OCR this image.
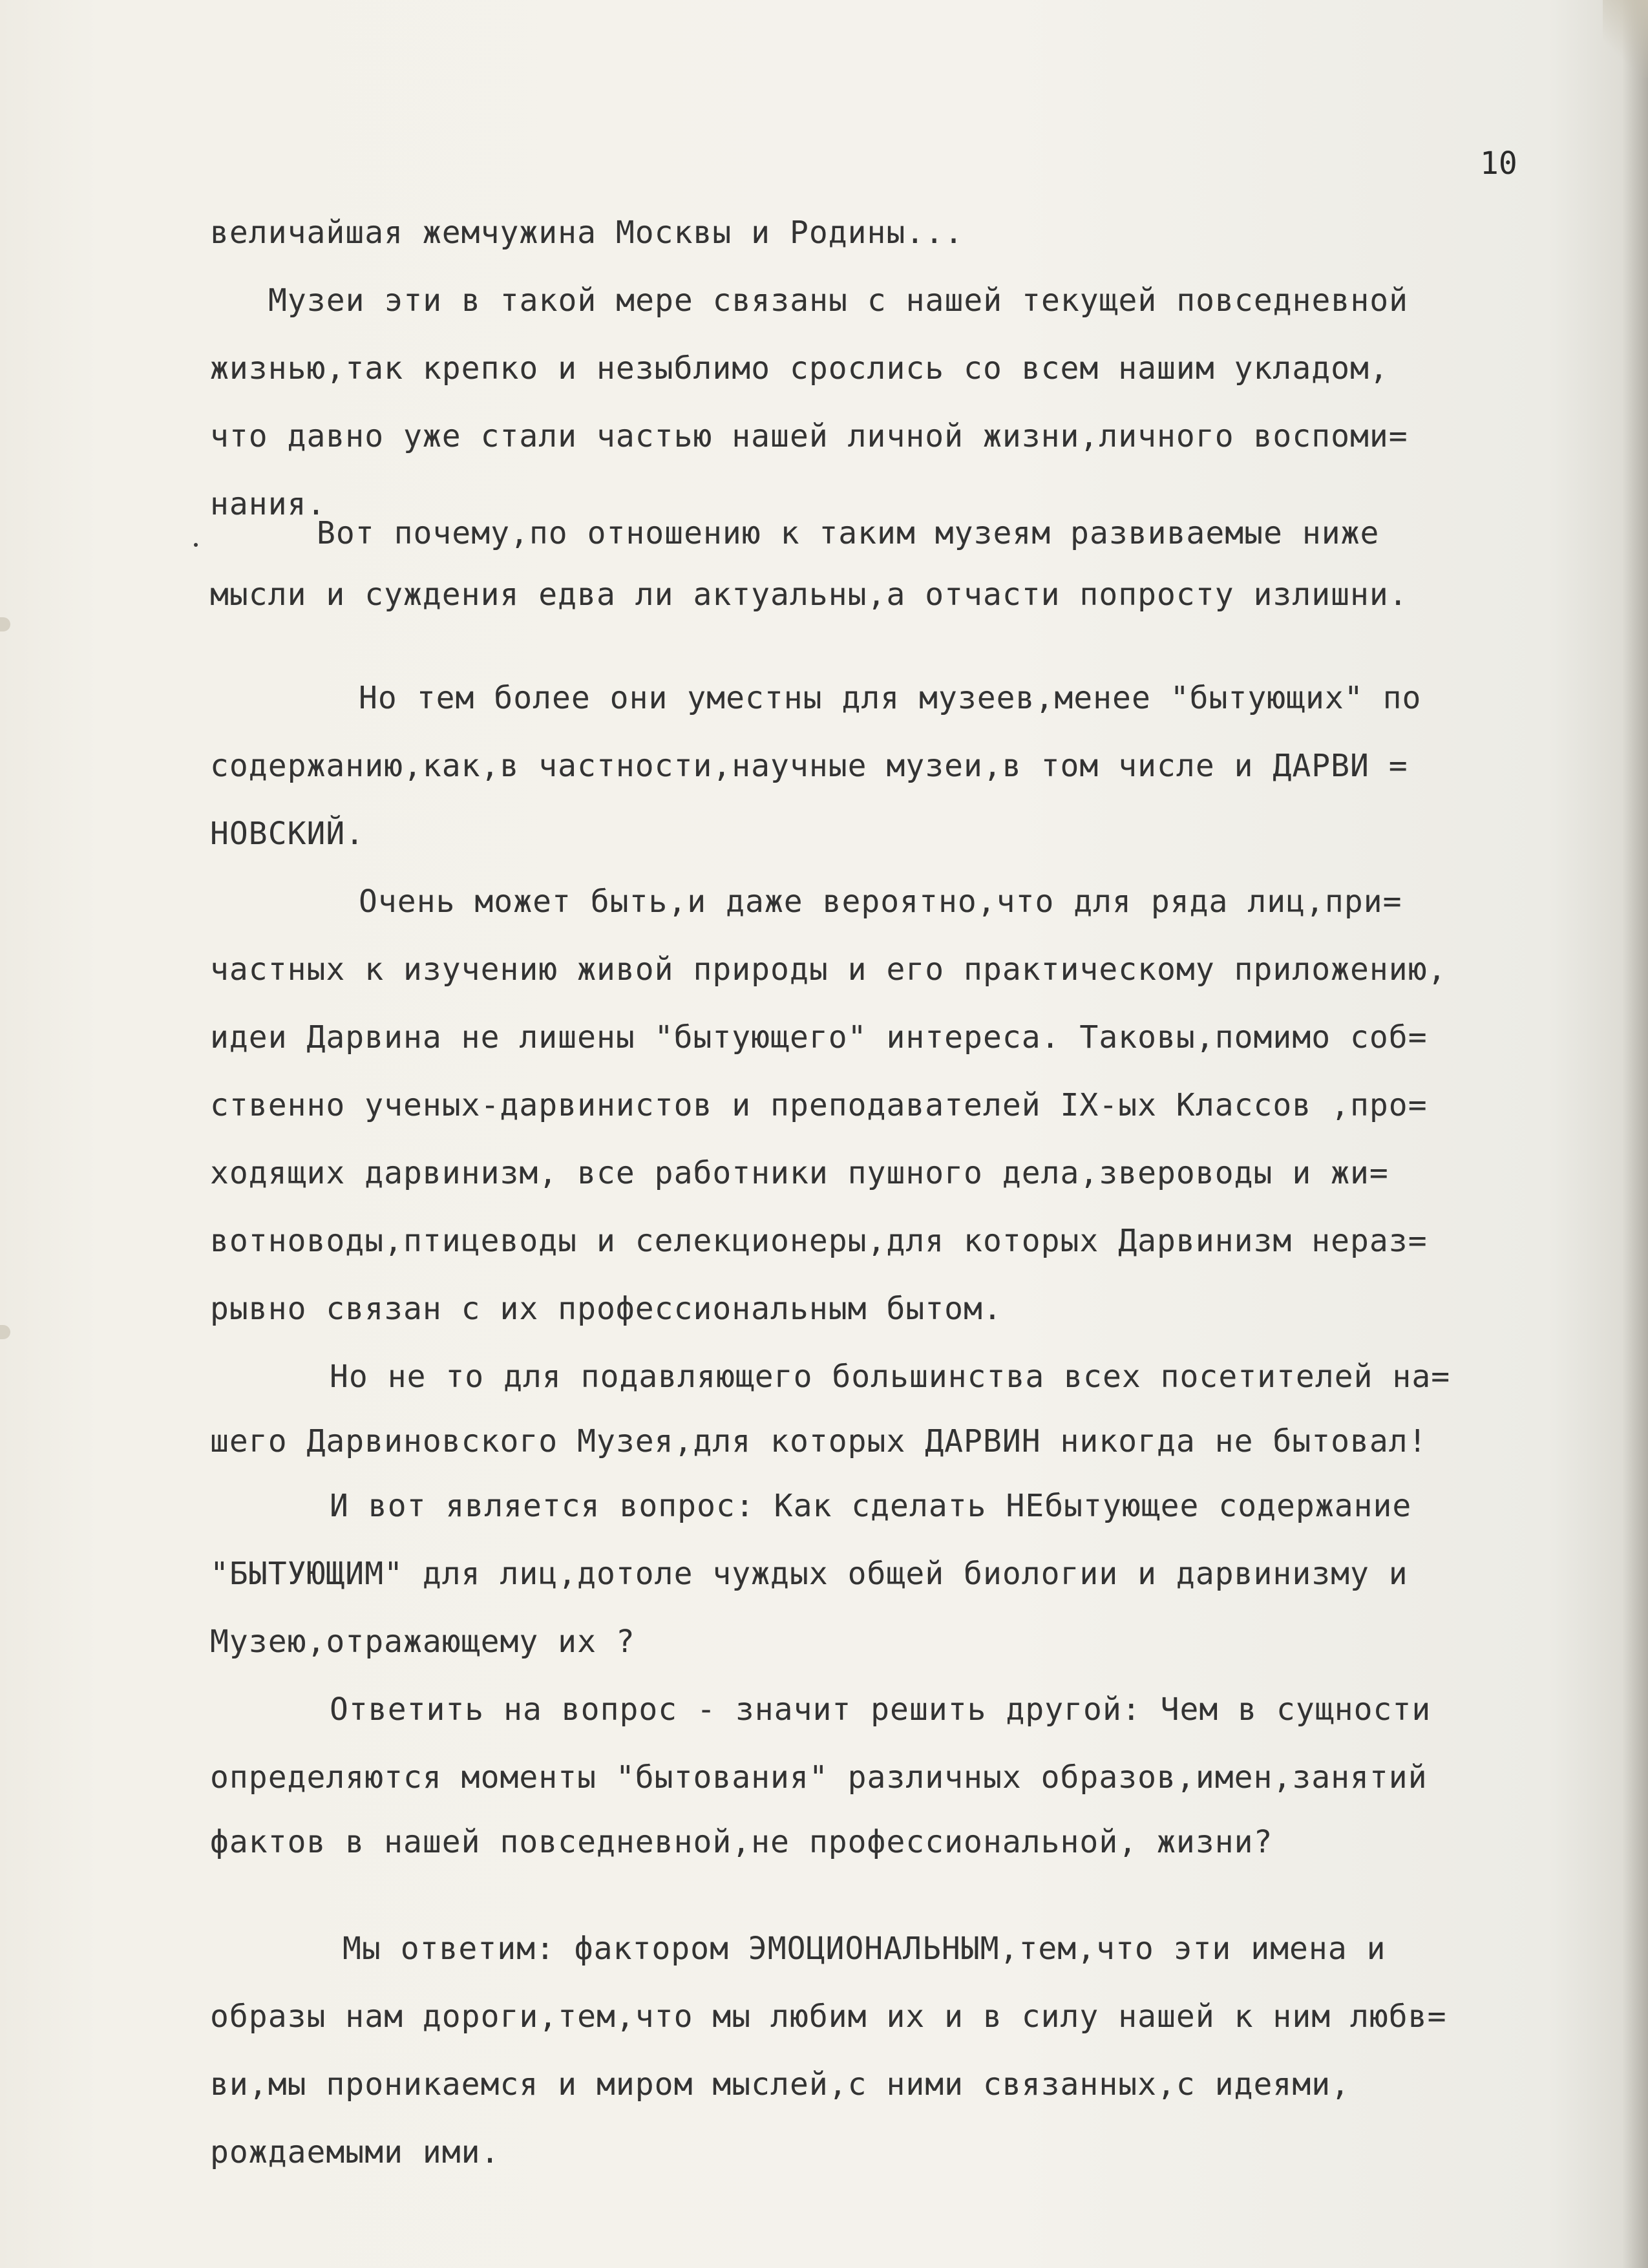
10
величайшая жемчужина Москвы и Родины...
Музеи эти в такой мере связаны с нашей текущей повседневной
жизнью,так крепко и незыблимо срослись со всем нашим укладом,
что давно уже стали частью нашей личной жизни,личного воспоми=
нания.
Вот почему,по отношению к таким музеям развиваемые ниже
мысли и суждения едва ли актуальны,а отчасти попросту излишни.
Но тем более они уместны для музеев,менее "бытующих" по
содержанию,как,в частности,научные музеи,в том числе и ДАРВИ =
НОВСКИЙ.
Очень может быть,и даже вероятно,что для ряда лиц,при=
частных к изучению живой природы и его практическому приложению,
идеи Дарвина не лишены "бытующего" интереса. Таковы,помимо соб=
ственно ученых-дарвинистов и преподавателей IX-ых Классов ,про=
ходящих дарвинизм, все работники пушного дела,звероводы и жи=
вотноводы,птицеводы и селекционеры,для которых Дарвинизм нераз=
рывно связан с их профессиональным бытом.
Но не то для подавляющего большинства всех посетителей на=
шего Дарвиновского Музея,для которых ДАРВИН никогда не бытовал!
И вот является вопрос: Как сделать НЕбытующее содержание
"БЫТУЮЩИМ" для лиц,дотоле чуждых общей биологии и дарвинизму и
Музею,отражающему их ?
Ответить на вопрос - значит решить другой: Чем в сущности
определяются моменты "бытования" различных образов,имен,занятий
фактов в нашей повседневной,не профессиональной, жизни?
Мы ответим: фактором ЭМОЦИОНАЛЬНЫМ,тем,что эти имена и
образы нам дороги,тем,что мы любим их и в силу нашей к ним любв=
ви,мы проникаемся и миром мыслей,с ними связанных,с идеями,
рождаемыми ими.
